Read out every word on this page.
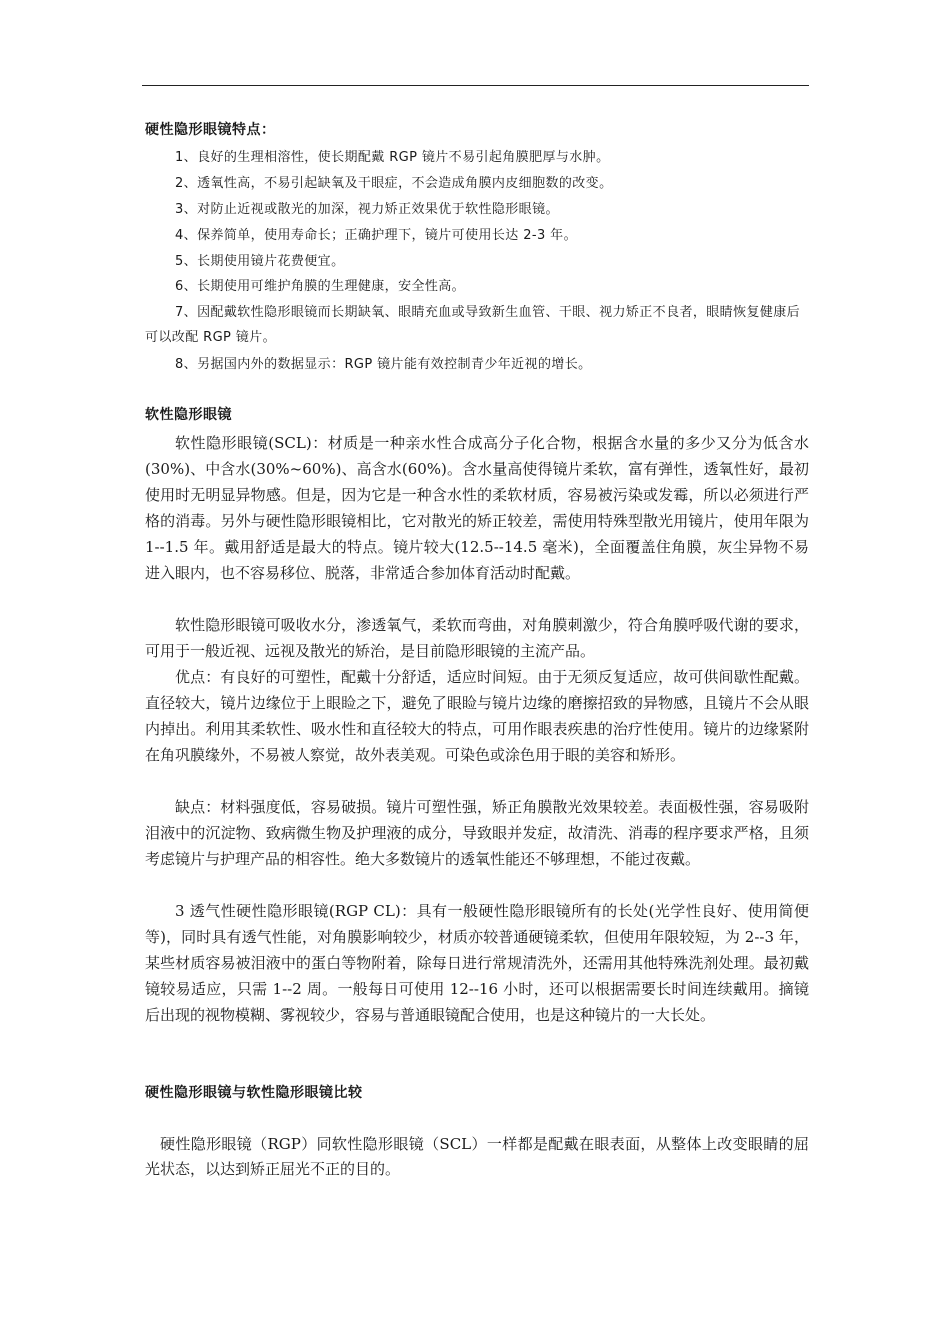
硬性隐形眼镜特点：
1、良好的生理相溶性，使长期配戴 RGP 镜片不易引起角膜肥厚与水肿。
2、透氧性高，不易引起缺氧及干眼症，不会造成角膜内皮细胞数的改变。
3、对防止近视或散光的加深，视力矫正效果优于软性隐形眼镜。
4、保养简单，使用寿命长；正确护理下，镜片可使用长达 2-3 年。
5、长期使用镜片花费便宜。
6、长期使用可维护角膜的生理健康，安全性高。
7、因配戴软性隐形眼镜而长期缺氧、眼睛充血或导致新生血管、干眼、视力矫正不良者，眼睛恢复健康后可以改配 RGP 镜片。
8、另据国内外的数据显示：RGP 镜片能有效控制青少年近视的增长。
软性隐形眼镜
软性隐形眼镜(SCL)：材质是一种亲水性合成高分子化合物，根据含水量的多少又分为低含水(30%)、中含水(30%~60%)、高含水(60%)。含水量高使得镜片柔软，富有弹性，透氧性好，最初使用时无明显异物感。但是，因为它是一种含水性的柔软材质，容易被污染或发霉，所以必须进行严格的消毒。另外与硬性隐形眼镜相比，它对散光的矫正较差，需使用特殊型散光用镜片，使用年限为 1--1.5 年。戴用舒适是最大的特点。镜片较大(12.5--14.5 毫米)，全面覆盖住角膜，灰尘异物不易进入眼内，也不容易移位、脱落，非常适合参加体育活动时配戴。
软性隐形眼镜可吸收水分，渗透氧气，柔软而弯曲，对角膜刺激少，符合角膜呼吸代谢的要求，可用于一般近视、远视及散光的矫治，是目前隐形眼镜的主流产品。
优点：有良好的可塑性，配戴十分舒适，适应时间短。由于无须反复适应，故可供间歇性配戴。直径较大，镜片边缘位于上眼睑之下，避免了眼睑与镜片边缘的磨擦招致的异物感，且镜片不会从眼内掉出。利用其柔软性、吸水性和直径较大的特点，可用作眼表疾患的治疗性使用。镜片的边缘紧附在角巩膜缘外，不易被人察觉，故外表美观。可染色或涂色用于眼的美容和矫形。
缺点：材料强度低，容易破损。镜片可塑性强，矫正角膜散光效果较差。表面极性强，容易吸附泪液中的沉淀物、致病微生物及护理液的成分，导致眼并发症，故清洗、消毒的程序要求严格，且须考虑镜片与护理产品的相容性。绝大多数镜片的透氧性能还不够理想，不能过夜戴。
3 透气性硬性隐形眼镜(RGP CL)：具有一般硬性隐形眼镜所有的长处(光学性良好、使用简便等)，同时具有透气性能，对角膜影响较少，材质亦较普通硬镜柔软，但使用年限较短，为 2--3 年，某些材质容易被泪液中的蛋白等物附着，除每日进行常规清洗外，还需用其他特殊洗剂处理。最初戴镜较易适应，只需 1--2 周。一般每日可使用 12--16 小时，还可以根据需要长时间连续戴用。摘镜后出现的视物模糊、雾视较少，容易与普通眼镜配合使用，也是这种镜片的一大长处。
硬性隐形眼镜与软性隐形眼镜比较
硬性隐形眼镜（RGP）同软性隐形眼镜（SCL）一样都是配戴在眼表面，从整体上改变眼睛的屈光状态，以达到矫正屈光不正的目的。
